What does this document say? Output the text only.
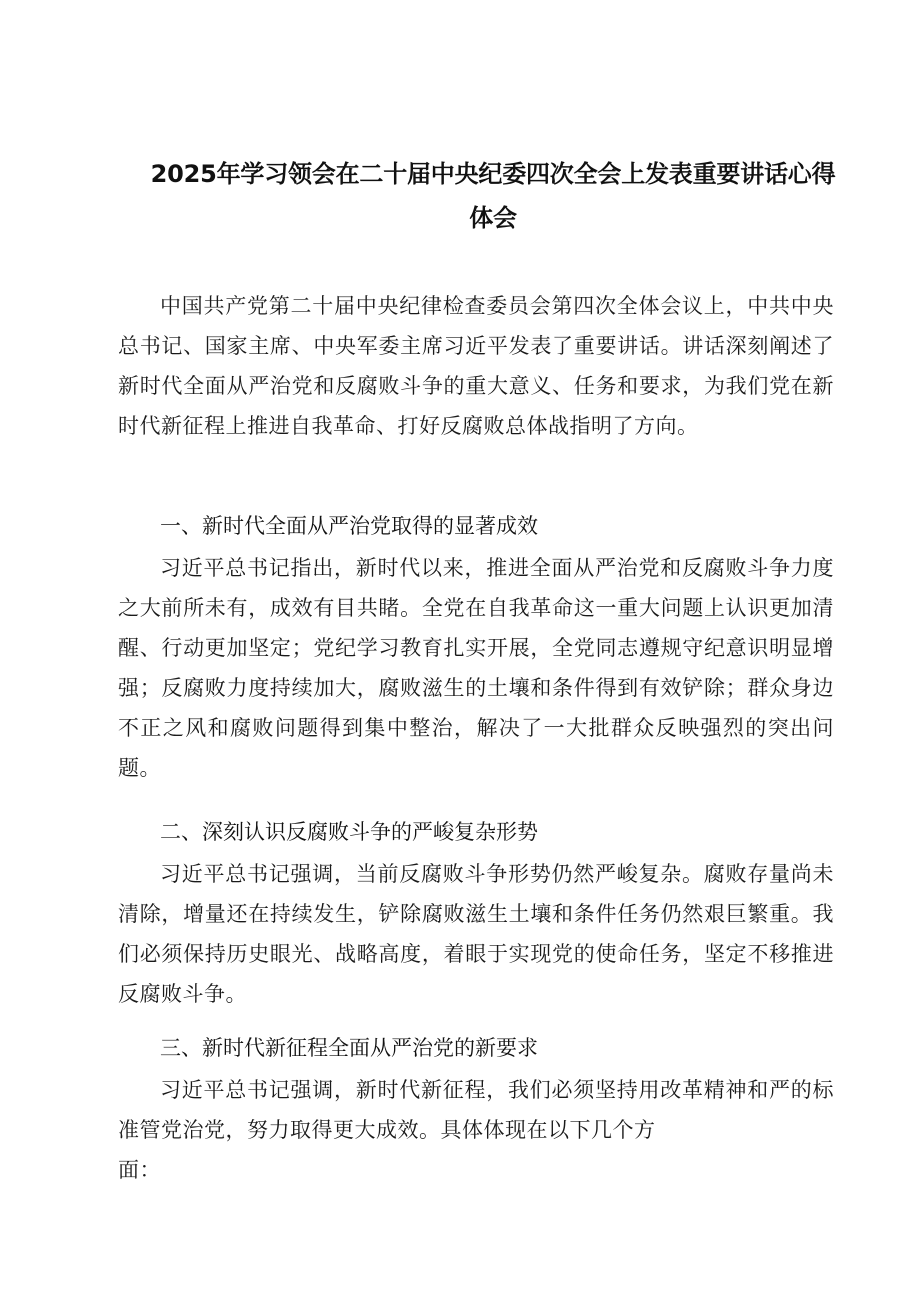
2025年学习领会在二十届中央纪委四次全会上发表重要讲话心得
体会

中国共产党第二十届中央纪律检查委员会第四次全体会议上，中共中央总书记、国家主席、中央军委主席习近平发表了重要讲话。讲话深刻阐述了新时代全面从严治党和反腐败斗争的重大意义、任务和要求，为我们党在新时代新征程上推进自我革命、打好反腐败总体战指明了方向。

一、新时代全面从严治党取得的显著成效

习近平总书记指出，新时代以来，推进全面从严治党和反腐败斗争力度之大前所未有，成效有目共睹。全党在自我革命这一重大问题上认识更加清醒、行动更加坚定；党纪学习教育扎实开展，全党同志遵规守纪意识明显增强；反腐败力度持续加大，腐败滋生的土壤和条件得到有效铲除；群众身边不正之风和腐败问题得到集中整治，解决了一大批群众反映强烈的突出问题。

二、深刻认识反腐败斗争的严峻复杂形势

习近平总书记强调，当前反腐败斗争形势仍然严峻复杂。腐败存量尚未清除，增量还在持续发生，铲除腐败滋生土壤和条件任务仍然艰巨繁重。我们必须保持历史眼光、战略高度，着眼于实现党的使命任务，坚定不移推进反腐败斗争。

三、新时代新征程全面从严治党的新要求

习近平总书记强调，新时代新征程，我们必须坚持用改革精神和严的标准管党治党，努力取得更大成效。具体体现在以下几个方
面：
